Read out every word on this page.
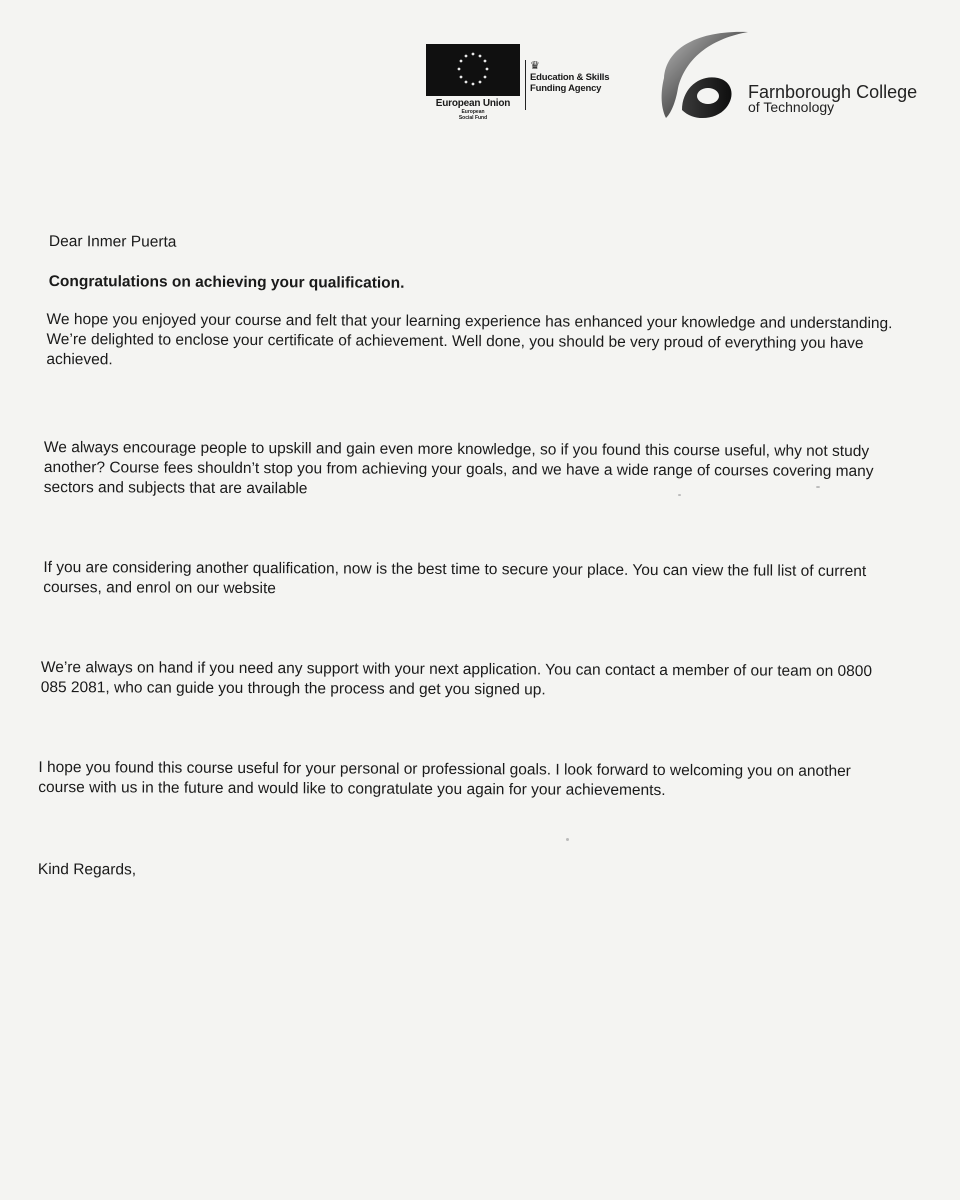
European Union
European
Social Fund
♛
Education & Skills
Funding Agency	Farnborough College
of Technology

Dear Inmer Puerta

Congratulations on achieving your qualification.

We hope you enjoyed your course and felt that your learning experience has enhanced your knowledge and understanding. We’re delighted to enclose your certificate of achievement. Well done, you should be very proud of everything you have achieved.

We always encourage people to upskill and gain even more knowledge, so if you found this course useful, why not study another? Course fees shouldn’t stop you from achieving your goals, and we have a wide range of courses covering many sectors and subjects that are available

If you are considering another qualification, now is the best time to secure your place. You can view the full list of current courses, and enrol on our website

We’re always on hand if you need any support with your next application. You can contact a member of our team on 0800 085 2081, who can guide you through the process and get you signed up.

I hope you found this course useful for your personal or professional goals. I look forward to welcoming you on another course with us in the future and would like to congratulate you again for your achievements.

Kind Regards,
